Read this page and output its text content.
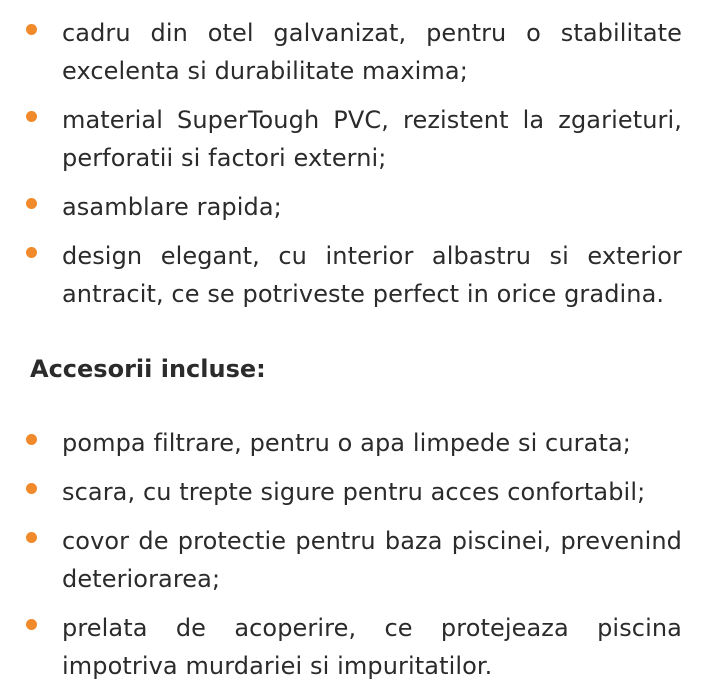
cadru din otel galvanizat, pentru o stabilitate excelenta si durabilitate maxima;
material SuperTough PVC, rezistent la zgarieturi, perforatii si factori externi;
asamblare rapida;
design elegant, cu interior albastru si exterior antracit, ce se potriveste perfect in orice gradina.
Accesorii incluse:
pompa filtrare, pentru o apa limpede si curata;
scara, cu trepte sigure pentru acces confortabil;
covor de protectie pentru baza piscinei, prevenind deteriorarea;
prelata de acoperire, ce protejeaza piscina impotriva murdariei si impuritatilor.
